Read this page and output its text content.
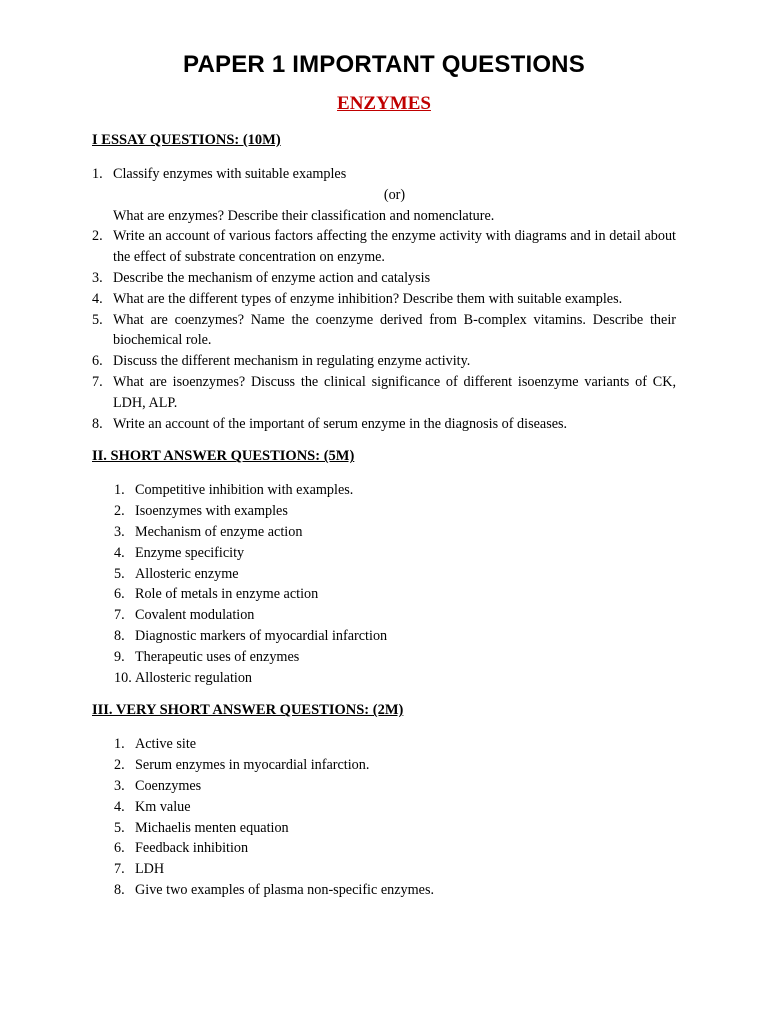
PAPER 1 IMPORTANT QUESTIONS
ENZYMES
I ESSAY QUESTIONS: (10M)
1. Classify enzymes with suitable examples
(or)
What are enzymes? Describe their classification and nomenclature.
2. Write an account of various factors affecting the enzyme activity with diagrams and in detail about the effect of substrate concentration on enzyme.
3. Describe the mechanism of enzyme action and catalysis
4. What are the different types of enzyme inhibition? Describe them with suitable examples.
5. What are coenzymes? Name the coenzyme derived from B-complex vitamins. Describe their biochemical role.
6. Discuss the different mechanism in regulating enzyme activity.
7. What are isoenzymes? Discuss the clinical significance of different isoenzyme variants of CK, LDH, ALP.
8. Write an account of the important of serum enzyme in the diagnosis of diseases.
II. SHORT ANSWER QUESTIONS: (5M)
1. Competitive inhibition with examples.
2. Isoenzymes with examples
3. Mechanism of enzyme action
4. Enzyme specificity
5. Allosteric enzyme
6. Role of metals in enzyme action
7. Covalent modulation
8. Diagnostic markers of myocardial infarction
9. Therapeutic uses of enzymes
10. Allosteric regulation
III. VERY SHORT ANSWER QUESTIONS: (2M)
1. Active site
2. Serum enzymes in myocardial infarction.
3. Coenzymes
4. Km value
5. Michaelis menten equation
6. Feedback inhibition
7. LDH
8. Give two examples of plasma non-specific enzymes.
